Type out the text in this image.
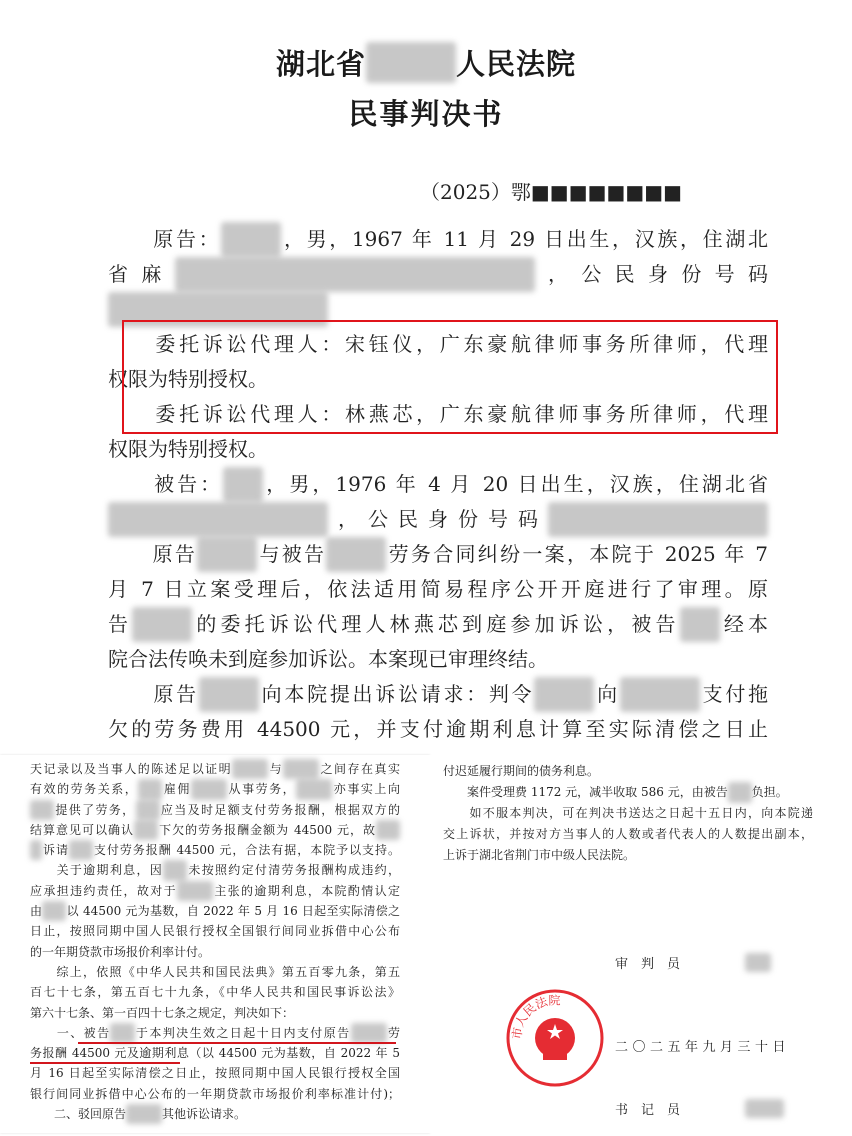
湖北省　　　	人民法院
民事判决书
（2025）鄂■■■■■■■■
　　原告：　　　	，男，1967 年 11 月 29 日出生，汉族，住湖北
省麻　　　　　　　　　　　　　　　　　　	，公民身份号码

　　委托诉讼代理人：宋钰仪，广东豪航律师事务所律师，代理
权限为特别授权。
　　委托诉讼代理人：林燕芯，广东豪航律师事务所律师，代理
权限为特别授权。
　　被告：　　 ，男，1976 年 4 月 20 日出生，汉族，住湖北省
　　　　　　　　　　　，公民身份号码　　　　　　　　　　　
　　原告　　　	与被告　　　	劳务合同纠纷一案，本院于 2025 年 7
月 7 日立案受理后，依法适用简易程序公开开庭进行了审理。原
告　　　	的委托诉讼代理人林燕芯到庭参加诉讼，被告　　 经本
院合法传唤未到庭参加诉讼。本案现已审理终结。
　　原告　　　	向本院提出诉讼请求：判令　　　	向　　　　	支付拖
欠的劳务费用 44500 元，并支付逾期利息计算至实际清偿之日止
天记录以及当事人的陈述足以证明　　　	与　　　	之间存在真实
有效的劳务关系，　　 雇佣　　　	从事劳务，　　　	亦事实上向
　　提供了劳务，　　 应当及时足额支付劳务报酬，根据双方的
结算意见可以确认　　 下欠的劳务报酬金额为 44500 元，故　　
　诉请　　 支付劳务报酬 44500 元，合法有据，本院予以支持。
　　关于逾期利息，因　　 未按照约定付清劳务报酬构成违约，
应承担违约责任，故对于　　　	主张的逾期利息，本院酌情认定
由　　 以 44500 元为基数，自 2022 年 5 月 16 日起至实际清偿之
日止，按照同期中国人民银行授权全国银行间同业拆借中心公布
的一年期贷款市场报价利率计付。
　　综上，依照《中华人民共和国民法典》第五百零九条，第五
百七十七条，第五百七十九条，《中华人民共和国民事诉讼法》
第六十七条、第一百四十七条之规定，判决如下：
　　一、被告　　 于本判决生效之日起十日内支付原告　　　	劳
务报酬 44500 元及逾期利息（以 44500 元为基数，自 2022 年 5
月 16 日起至实际清偿之日止，按照同期中国人民银行授权全国
银行间同业拆借中心公布的一年期贷款市场报价利率标准计付)；
　　二、驳回原告　　　	其他诉讼请求。
付迟延履行期间的债务利息。
　　案件受理费 1172 元，减半收取 586 元，由被告　　 负担。
　　如不服本判决，可在判决书送达之日起十五日内，向本院递
交上诉状，并按对方当事人的人数或者代表人的人数提出副本，
上诉于湖北省荆门市中级人民法院。
审　判　员

二〇二五年九月三十日
书　记　员

市人民法院
